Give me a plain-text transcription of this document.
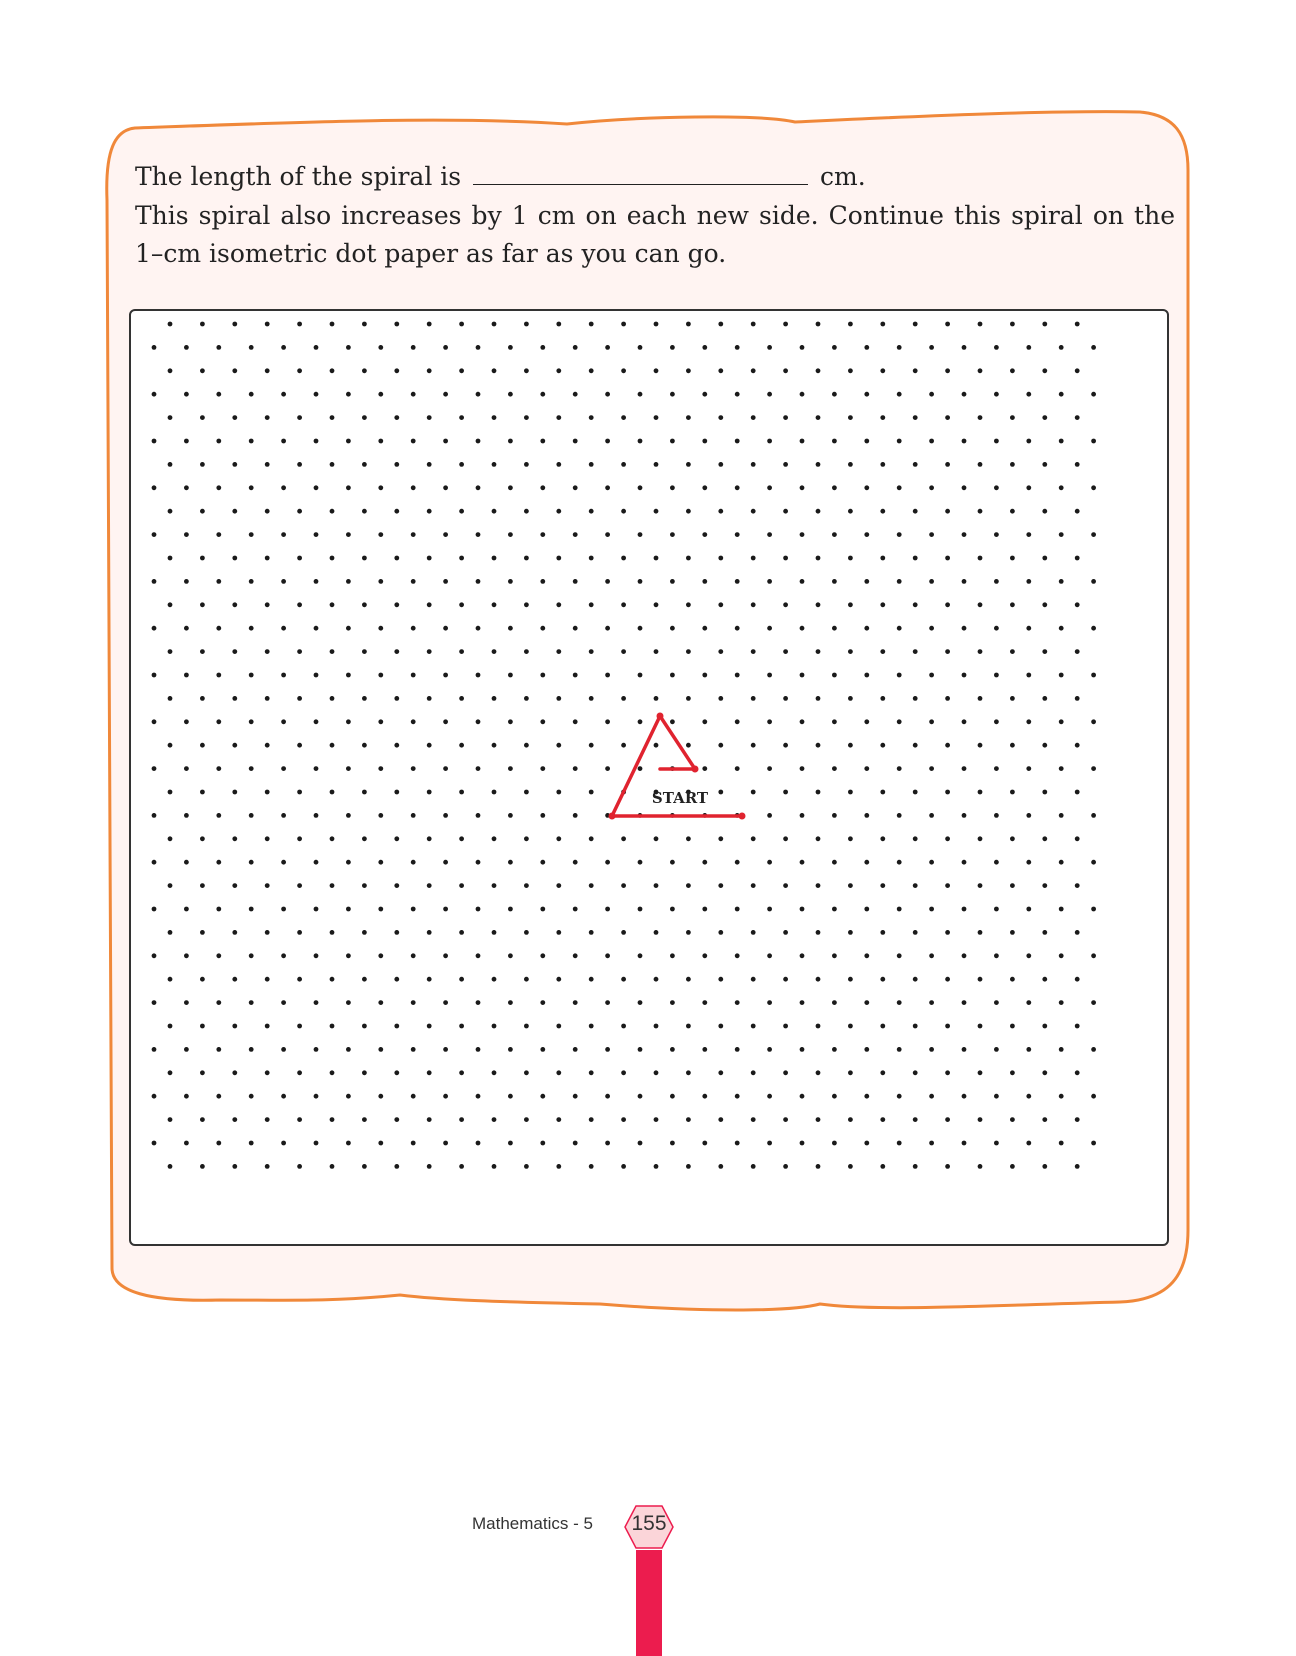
The length of the spiral is	cm.
This spiral also increases by 1 cm on each new side. Continue this spiral on the 1–cm isometric dot paper as far as you can go.
START
Mathematics - 5	155
